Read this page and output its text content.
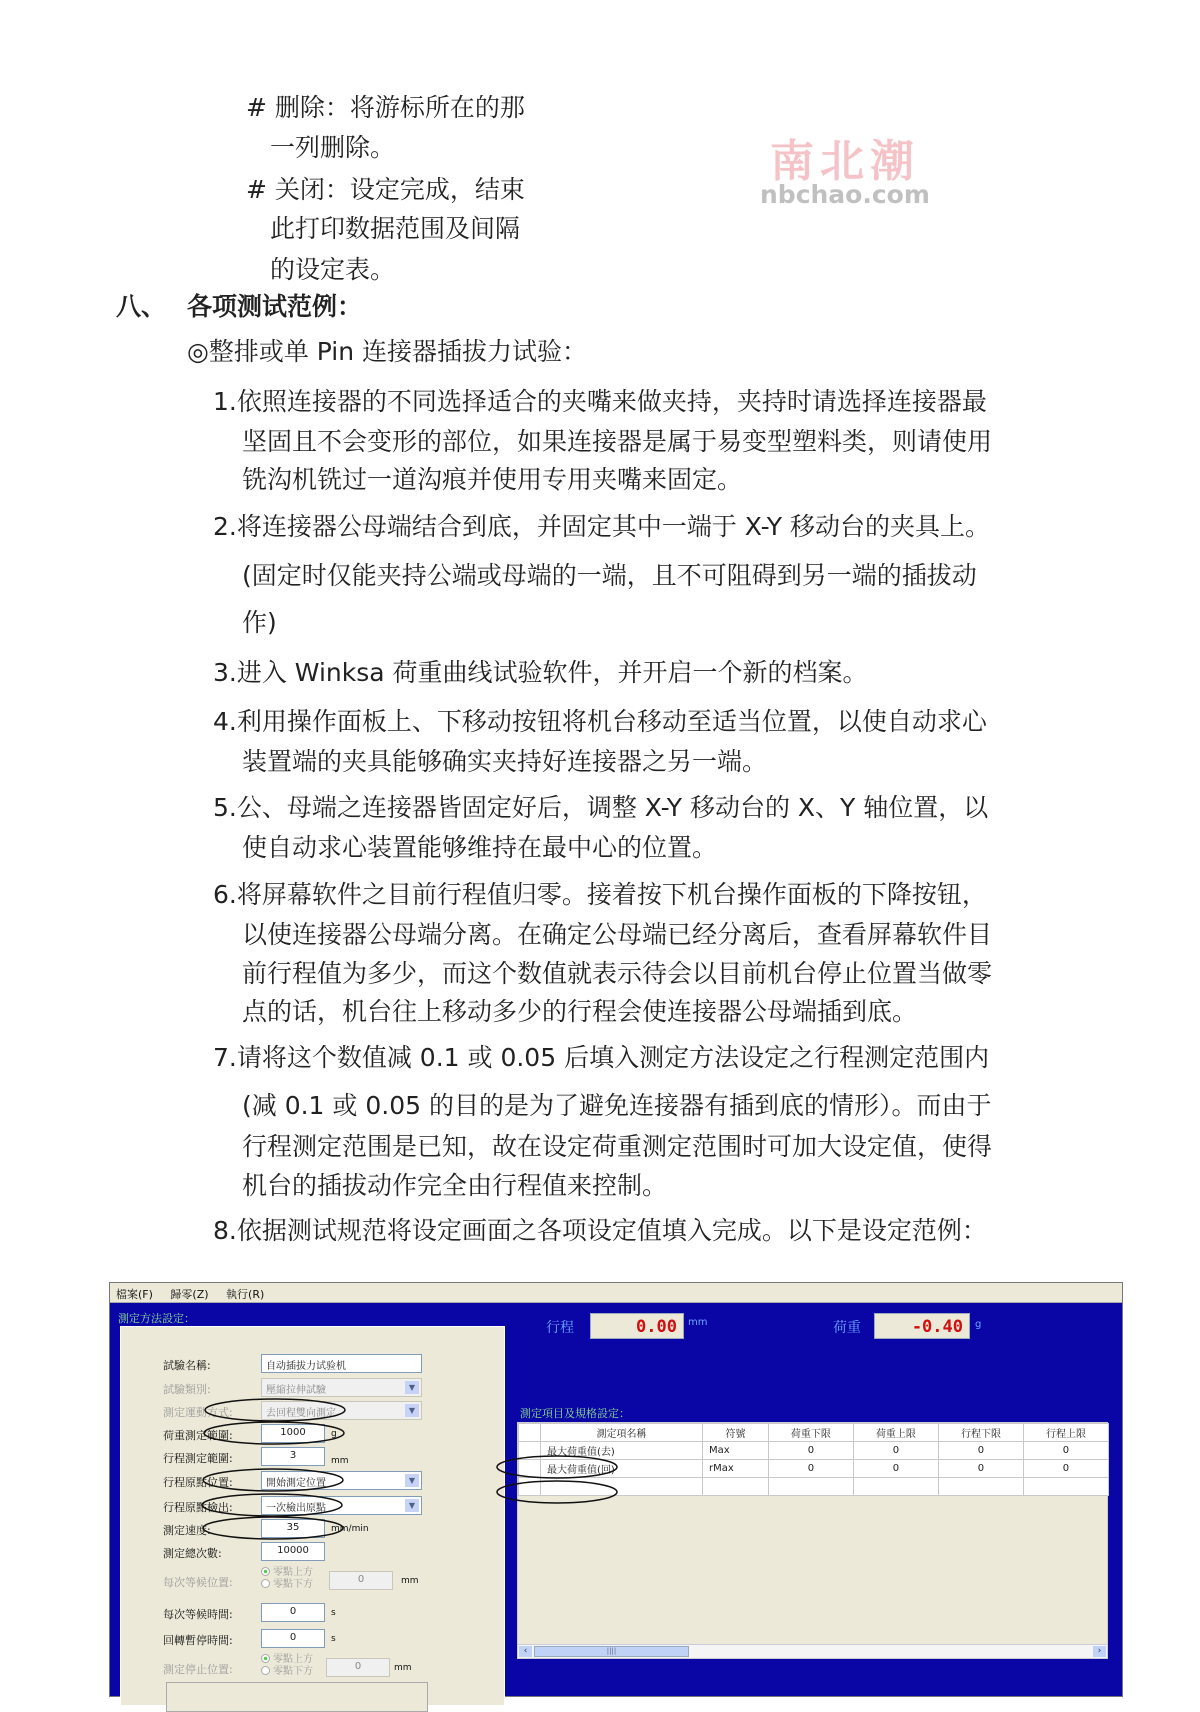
# 删除：将游标所在的那
一列删除。
# 关闭：设定完成，结束
此打印数据范围及间隔
的设定表。
八、 各项测试范例：
◎整排或单 Pin 连接器插拔力试验：
1.依照连接器的不同选择适合的夹嘴来做夹持，夹持时请选择连接器最
坚固且不会变形的部位，如果连接器是属于易变型塑料类，则请使用
铣沟机铣过一道沟痕并使用专用夹嘴来固定。
2.将连接器公母端结合到底，并固定其中一端于 X-Y 移动台的夹具上。
(固定时仅能夹持公端或母端的一端，且不可阻碍到另一端的插拔动
作)
3.进入 Winksa 荷重曲线试验软件，并开启一个新的档案。
4.利用操作面板上、下移动按钮将机台移动至适当位置，以使自动求心
装置端的夹具能够确实夹持好连接器之另一端。
5.公、母端之连接器皆固定好后，调整 X-Y 移动台的 X、Y 轴位置，以
使自动求心装置能够维持在最中心的位置。
6.将屏幕软件之目前行程值归零。接着按下机台操作面板的下降按钮，
以使连接器公母端分离。在确定公母端已经分离后，查看屏幕软件目
前行程值为多少，而这个数值就表示待会以目前机台停止位置当做零
点的话，机台往上移动多少的行程会使连接器公母端插到底。
7.请将这个数值减 0.1 或 0.05 后填入测定方法设定之行程测定范围内
(减 0.1 或 0.05 的目的是为了避免连接器有插到底的情形）。而由于
行程测定范围是已知，故在设定荷重测定范围时可加大设定值，使得
机台的插拔动作完全由行程值来控制。
8.依据测试规范将设定画面之各项设定值填入完成。以下是设定范例：
南北潮
nbchao.com
檔案(F) 歸零(Z) 執行(R)
測定方法設定：
試驗名稱:	自动插拔力试验机
試驗類別:	壓縮拉伸試驗	▼
測定運動方式:	去回程雙向測定	▼
荷重測定範圍:	1000	g
行程測定範圍:	3	mm
行程原點位置:	開始測定位置	▼
行程原點檢出:	一次檢出原點	▼
測定速度:	35	mm/min
測定總次數:	10000
每次等候位置:
零點上方
零點下方	0	mm
每次等候時間:	0	s
回轉暫停時間:	0	s
測定停止位置:
零點上方
零點下方	0	mm
行程	0.00	mm	荷重	-0.40	g
測定項目及規格設定：
	測定項名稱	符號	荷重下限	荷重上限	行程下限	行程上限
	最大荷重值(去)	Max	0	0	0	0
	最大荷重值(回)	rMax	0	0	0	0

‹	||||	›
